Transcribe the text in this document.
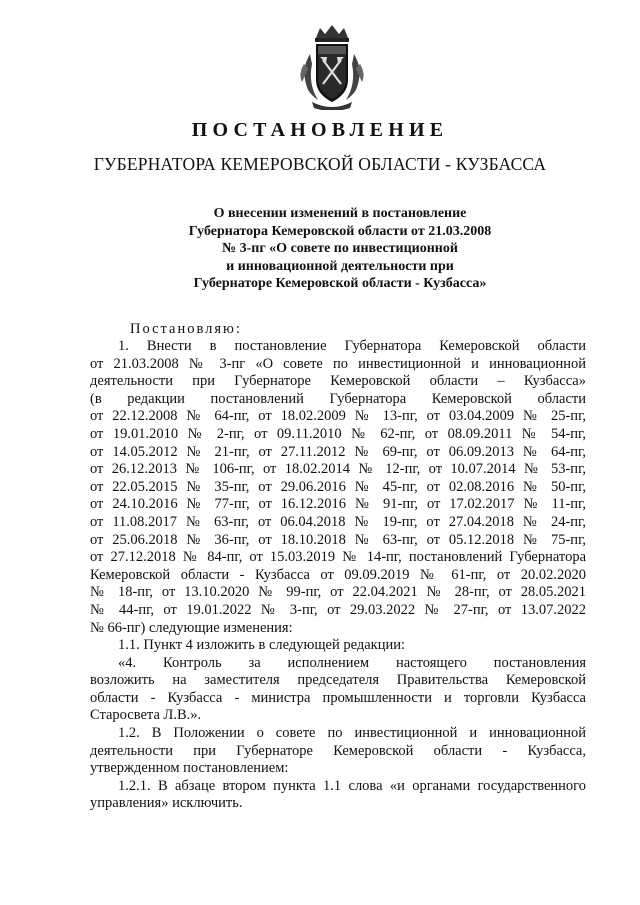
ПОСТАНОВЛЕНИЕ
ГУБЕРНАТОРА КЕМЕРОВСКОЙ ОБЛАСТИ - КУЗБАССА
О внесении изменений в постановление
Губернатора Кемеровской области от 21.03.2008
№ 3-пг «О совете по инвестиционной
и инновационной деятельности при
Губернаторе Кемеровской области - Кузбасса»
Постановляю:
1. Внести в постановление Губернатора Кемеровской области
от 21.03.2008 № 3-пг «О совете по инвестиционной и инновационной
деятельности при Губернаторе Кемеровской области – Кузбасса»
(в редакции постановлений Губернатора Кемеровской области
от 22.12.2008 № 64-пг, от 18.02.2009 № 13-пг, от 03.04.2009 № 25-пг,
от 19.01.2010 № 2-пг, от 09.11.2010 № 62-пг, от 08.09.2011 № 54-пг,
от 14.05.2012 № 21-пг, от 27.11.2012 № 69-пг, от 06.09.2013 № 64-пг,
от 26.12.2013 № 106-пг, от 18.02.2014 № 12-пг, от 10.07.2014 № 53-пг,
от 22.05.2015 № 35-пг, от 29.06.2016 № 45-пг, от 02.08.2016 № 50-пг,
от 24.10.2016 № 77-пг, от 16.12.2016 № 91-пг, от 17.02.2017 № 11-пг,
от 11.08.2017 № 63-пг, от 06.04.2018 № 19-пг, от 27.04.2018 № 24-пг,
от 25.06.2018 № 36-пг, от 18.10.2018 № 63-пг, от 05.12.2018 № 75-пг,
от 27.12.2018 № 84-пг, от 15.03.2019 № 14-пг, постановлений Губернатора
Кемеровской области - Кузбасса от 09.09.2019 № 61-пг, от 20.02.2020
№ 18-пг, от 13.10.2020 № 99-пг, от 22.04.2021 № 28-пг, от 28.05.2021
№ 44-пг, от 19.01.2022 № 3-пг, от 29.03.2022 № 27-пг, от 13.07.2022
№ 66-пг) следующие изменения:
1.1. Пункт 4 изложить в следующей редакции:
«4. Контроль за исполнением настоящего постановления
возложить на заместителя председателя Правительства Кемеровской
области - Кузбасса - министра промышленности и торговли Кузбасса
Старосвета Л.В.».
1.2. В Положении о совете по инвестиционной и инновационной
деятельности при Губернаторе Кемеровской области - Кузбасса,
утвержденном постановлением:
1.2.1. В абзаце втором пункта 1.1 слова «и органами государственного
управления» исключить.
